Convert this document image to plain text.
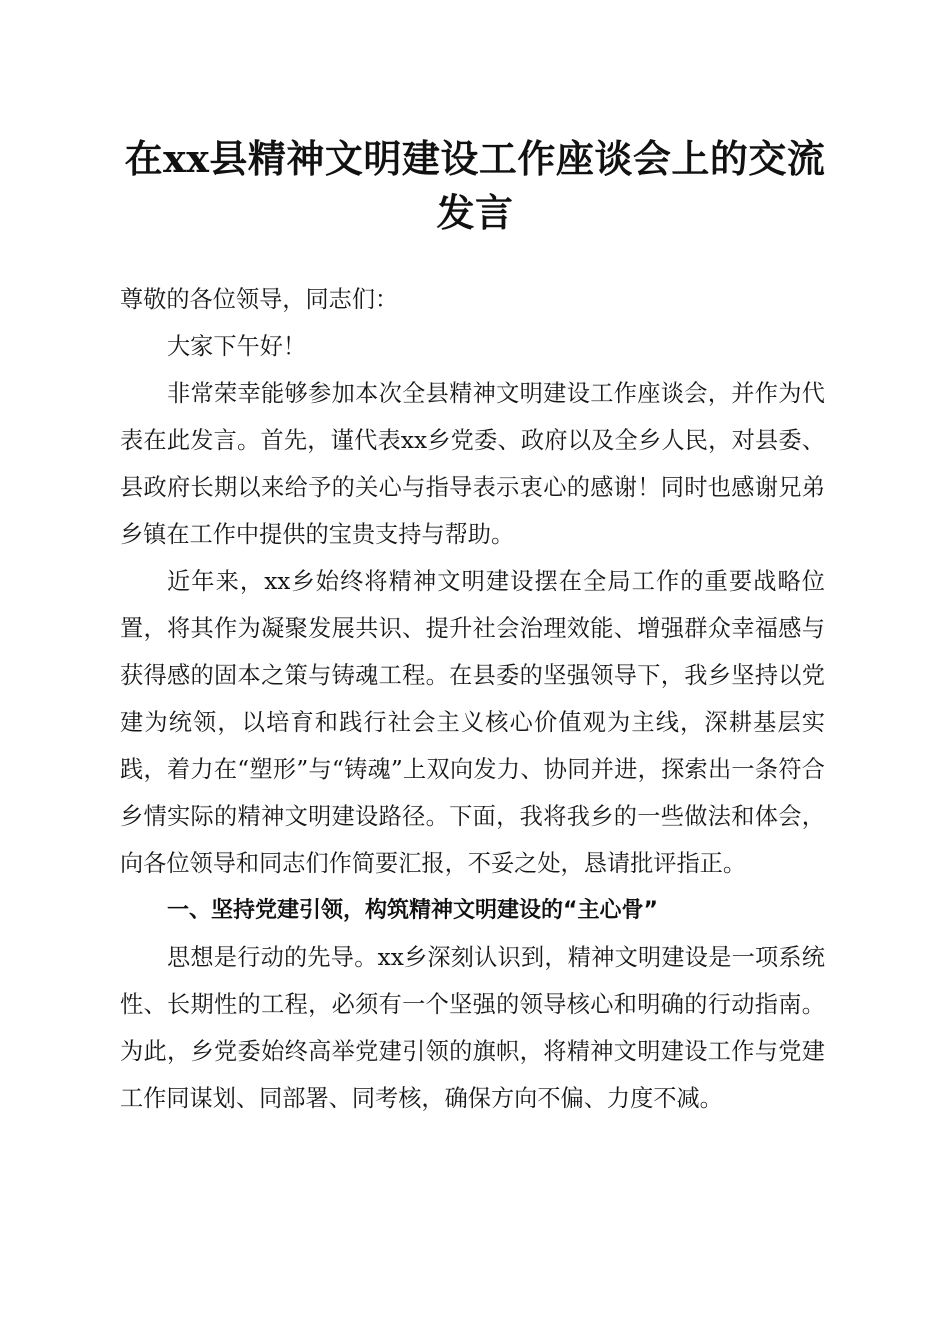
在xx县精神文明建设工作座谈会上的交流发言

尊敬的各位领导，同志们：

大家下午好！

非常荣幸能够参加本次全县精神文明建设工作座谈会，并作为代表在此发言。首先，谨代表xx乡党委、政府以及全乡人民，对县委、县政府长期以来给予的关心与指导表示衷心的感谢！同时也感谢兄弟乡镇在工作中提供的宝贵支持与帮助。

近年来，xx乡始终将精神文明建设摆在全局工作的重要战略位置，将其作为凝聚发展共识、提升社会治理效能、增强群众幸福感与获得感的固本之策与铸魂工程。在县委的坚强领导下，我乡坚持以党建为统领，以培育和践行社会主义核心价值观为主线，深耕基层实践，着力在“塑形”与“铸魂”上双向发力、协同并进，探索出一条符合乡情实际的精神文明建设路径。下面，我将我乡的一些做法和体会，向各位领导和同志们作简要汇报，不妥之处，恳请批评指正。

一、坚持党建引领，构筑精神文明建设的“主心骨”

思想是行动的先导。xx乡深刻认识到，精神文明建设是一项系统性、长期性的工程，必须有一个坚强的领导核心和明确的行动指南。为此，乡党委始终高举党建引领的旗帜，将精神文明建设工作与党建工作同谋划、同部署、同考核，确保方向不偏、力度不减。
